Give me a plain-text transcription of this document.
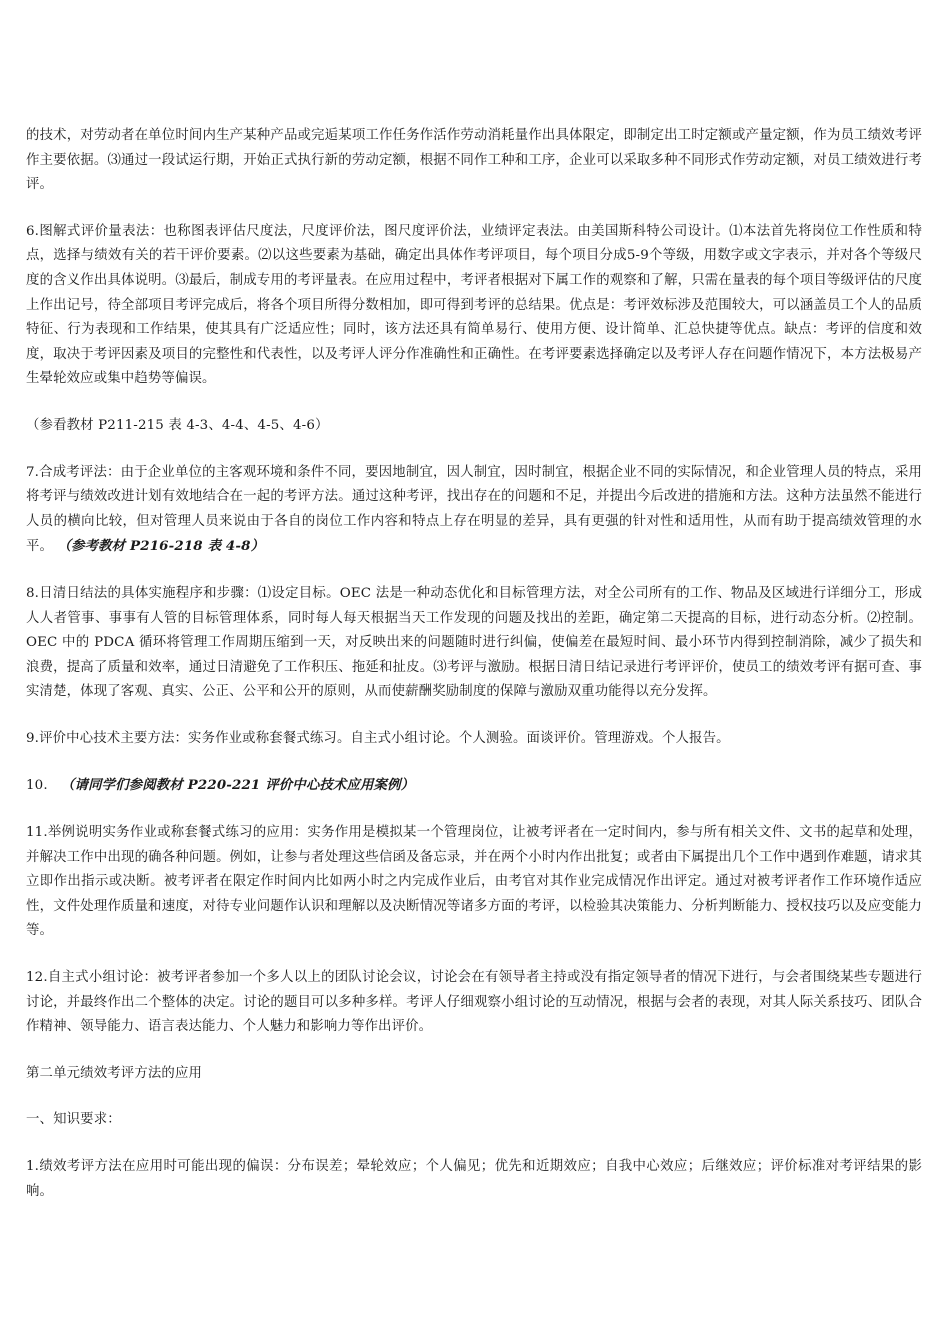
的技术，对劳动者在单位时间内生产某种产品或完逅某项工作任务作活作劳动消耗量作出具体限定，即制定出工时定额或产量定额，作为员工绩效考评作主要依据。⑶通过一段试运行期，开始正式执行新的劳动定额，根据不同作工种和工序，企业可以采取多种不同形式作劳动定额，对员工绩效进行考评。

6.图解式评价量表法：也称图表评估尺度法，尺度评价法，图尺度评价法，业绩评定表法。由美国斯科特公司设计。⑴本法首先将岗位工作性质和特点，选择与绩效有关的若干评价要素。⑵以这些要素为基础，确定出具体作考评项目，每个项目分成5-9个等级，用数字或文字表示，并对各个等级尺度的含义作出具体说明。⑶最后，制成专用的考评量表。在应用过程中，考评者根据对下属工作的观察和了解，只需在量表的每个项目等级评估的尺度上作出记号，待全部项目考评完成后，将各个项目所得分数相加，即可得到考评的总结果。优点是：考评效标涉及范围较大，可以涵盖员工个人的品质特征、行为表现和工作结果，使其具有广泛适应性；同时，该方法还具有简单易行、使用方便、设计简单、汇总快捷等优点。缺点：考评的信度和效度，取决于考评因素及项目的完整性和代表性，以及考评人评分作准确性和正确性。在考评要素选择确定以及考评人存在问题作情况下，本方法极易产生晕轮效应或集中趋势等偏误。

（参看教材 P211-215 表 4-3、4-4、4-5、4-6）

7.合成考评法：由于企业单位的主客观环境和条件不同，要因地制宜，因人制宜，因时制宜，根据企业不同的实际情况，和企业管理人员的特点，采用将考评与绩效改进计划有效地结合在一起的考评方法。通过这种考评，找出存在的问题和不足，并提出今后改进的措施和方法。这种方法虽然不能进行人员的横向比较，但对管理人员来说由于各自的岗位工作内容和特点上存在明显的差异，具有更强的针对性和适用性，从而有助于提高绩效管理的水平。 （参考教材 P216-218 表 4-8）

8.日清日结法的具体实施程序和步骤：⑴设定目标。OEC 法是一种动态优化和目标管理方法，对全公司所有的工作、物品及区域进行详细分工，形成人人者管事、事事有人管的目标管理体系，同时每人每天根据当天工作发现的问题及找出的差距，确定第二天提高的目标，进行动态分析。⑵控制。OEC 中的 PDCA 循环将管理工作周期压缩到一天，对反映出来的问题随时进行纠偏，使偏差在最短时间、最小环节内得到控制消除，减少了损失和浪费，提高了质量和效率，通过日清避免了工作积压、拖延和扯皮。⑶考评与激励。根据日清日结记录进行考评评价，使员工的绩效考评有据可查、事实清楚，体现了客观、真实、公正、公平和公开的原则，从而使薪酬奖励制度的保障与激励双重功能得以充分发挥。

9.评价中心技术主要方法：实务作业或称套餐式练习。自主式小组讨论。个人测验。面谈评价。管理游戏。个人报告。

10. （请同学们参阅教材 P220-221 评价中心技术应用案例）

11.举例说明实务作业或称套餐式练习的应用：实务作用是模拟某一个管理岗位，让被考评者在一定时间内，参与所有相关文件、文书的起草和处理，并解决工作中出现的确各种问题。例如，让参与者处理这些信函及备忘录，并在两个小时内作出批复；或者由下属提出几个工作中遇到作难题，请求其立即作出指示或决断。被考评者在限定作时间内比如两小时之内完成作业后，由考官对其作业完成情况作出评定。通过对被考评者作工作环境作适应性，文件处理作质量和速度，对待专业问题作认识和理解以及决断情况等诸多方面的考评，以检验其决策能力、分析判断能力、授权技巧以及应变能力等。

12.自主式小组讨论：被考评者参加一个多人以上的团队讨论会议，讨论会在有领导者主持或没有指定领导者的情况下进行，与会者围绕某些专题进行讨论，并最终作出二个整体的决定。讨论的题目可以多种多样。考评人仔细观察小组讨论的互动情况，根据与会者的表现，对其人际关系技巧、团队合作精神、领导能力、语言表达能力、个人魅力和影响力等作出评价。

第二单元绩效考评方法的应用

一、知识要求：

1.绩效考评方法在应用时可能出现的偏误：分布误差；晕轮效应；个人偏见；优先和近期效应；自我中心效应；后继效应；评价标准对考评结果的影响。
